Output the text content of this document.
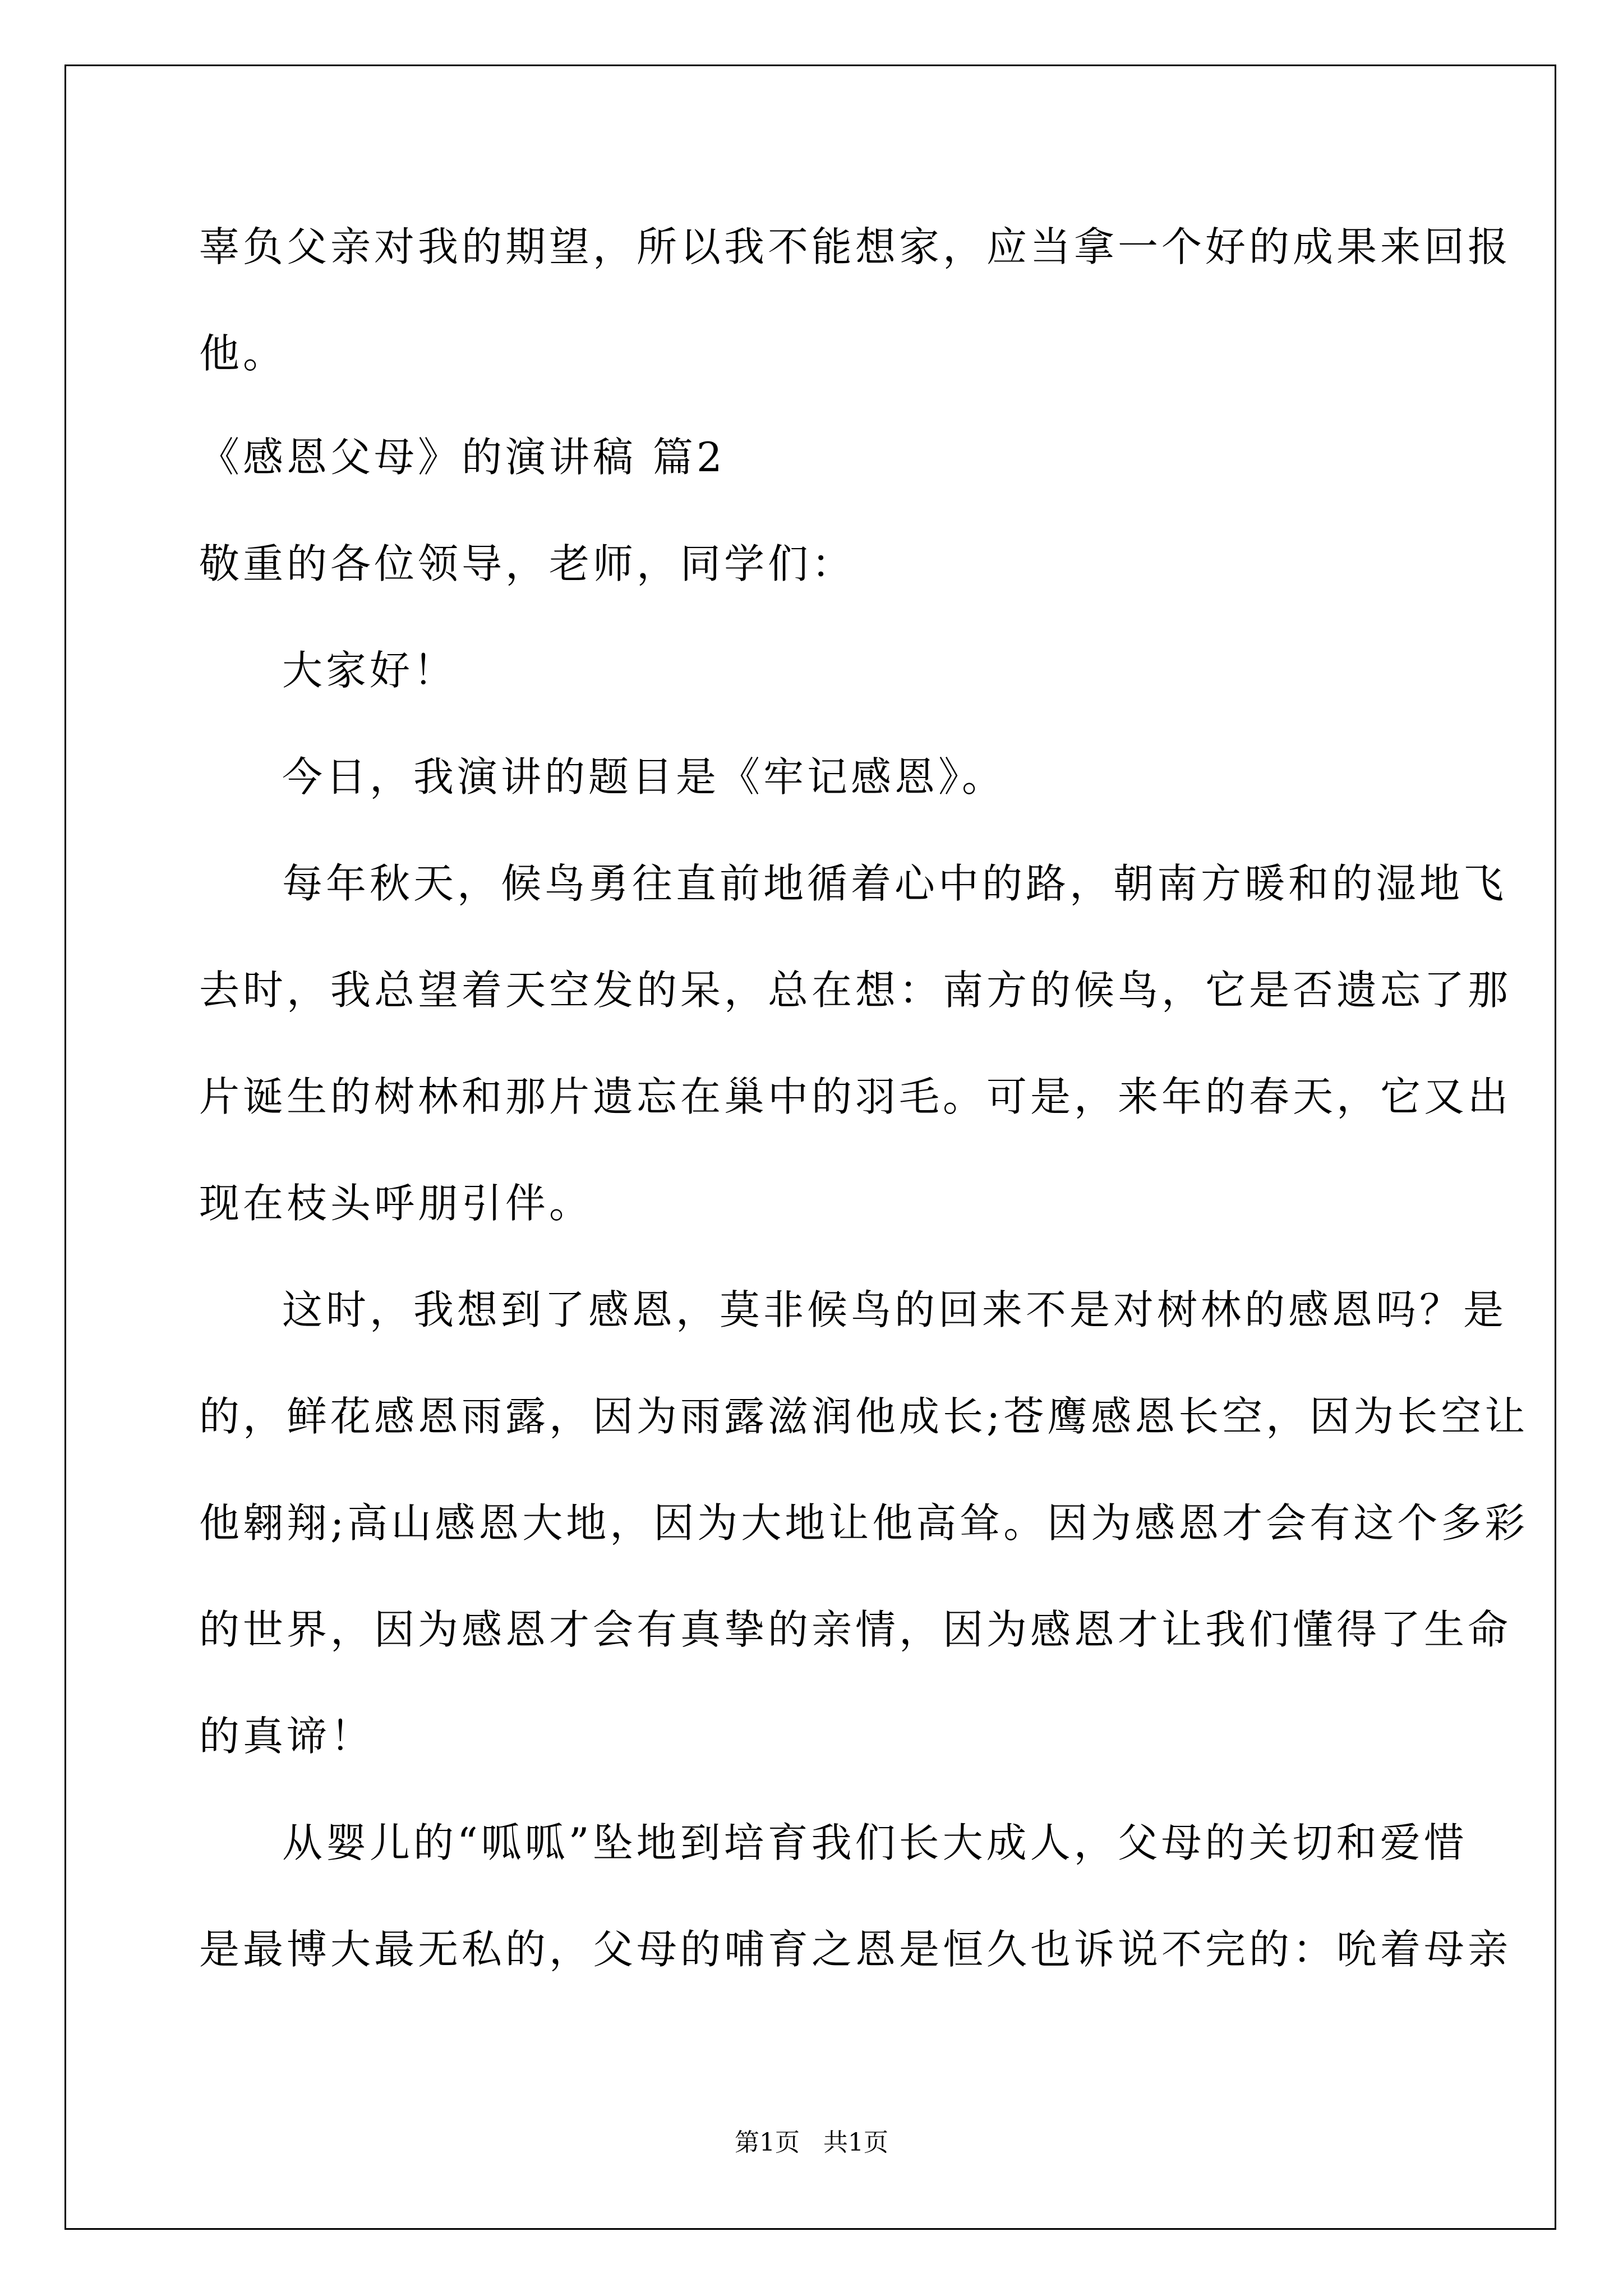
辜负父亲对我的期望，所以我不能想家，应当拿一个好的成果来回报
他。
《感恩父母》的演讲稿 篇2
敬重的各位领导，老师，同学们：
大家好！
今日，我演讲的题目是《牢记感恩》。
每年秋天，候鸟勇往直前地循着心中的路，朝南方暖和的湿地飞
去时，我总望着天空发的呆，总在想：南方的候鸟，它是否遗忘了那
片诞生的树林和那片遗忘在巢中的羽毛。可是，来年的春天，它又出
现在枝头呼朋引伴。
这时，我想到了感恩，莫非候鸟的回来不是对树林的感恩吗？是
的，鲜花感恩雨露，因为雨露滋润他成长;苍鹰感恩长空，因为长空让
他翱翔;高山感恩大地，因为大地让他高耸。因为感恩才会有这个多彩
的世界，因为感恩才会有真挚的亲情，因为感恩才让我们懂得了生命
的真谛！
从婴儿的“呱呱”坠地到培育我们长大成人，父母的关切和爱惜
是最博大最无私的，父母的哺育之恩是恒久也诉说不完的：吮着母亲
第1页 共1页
